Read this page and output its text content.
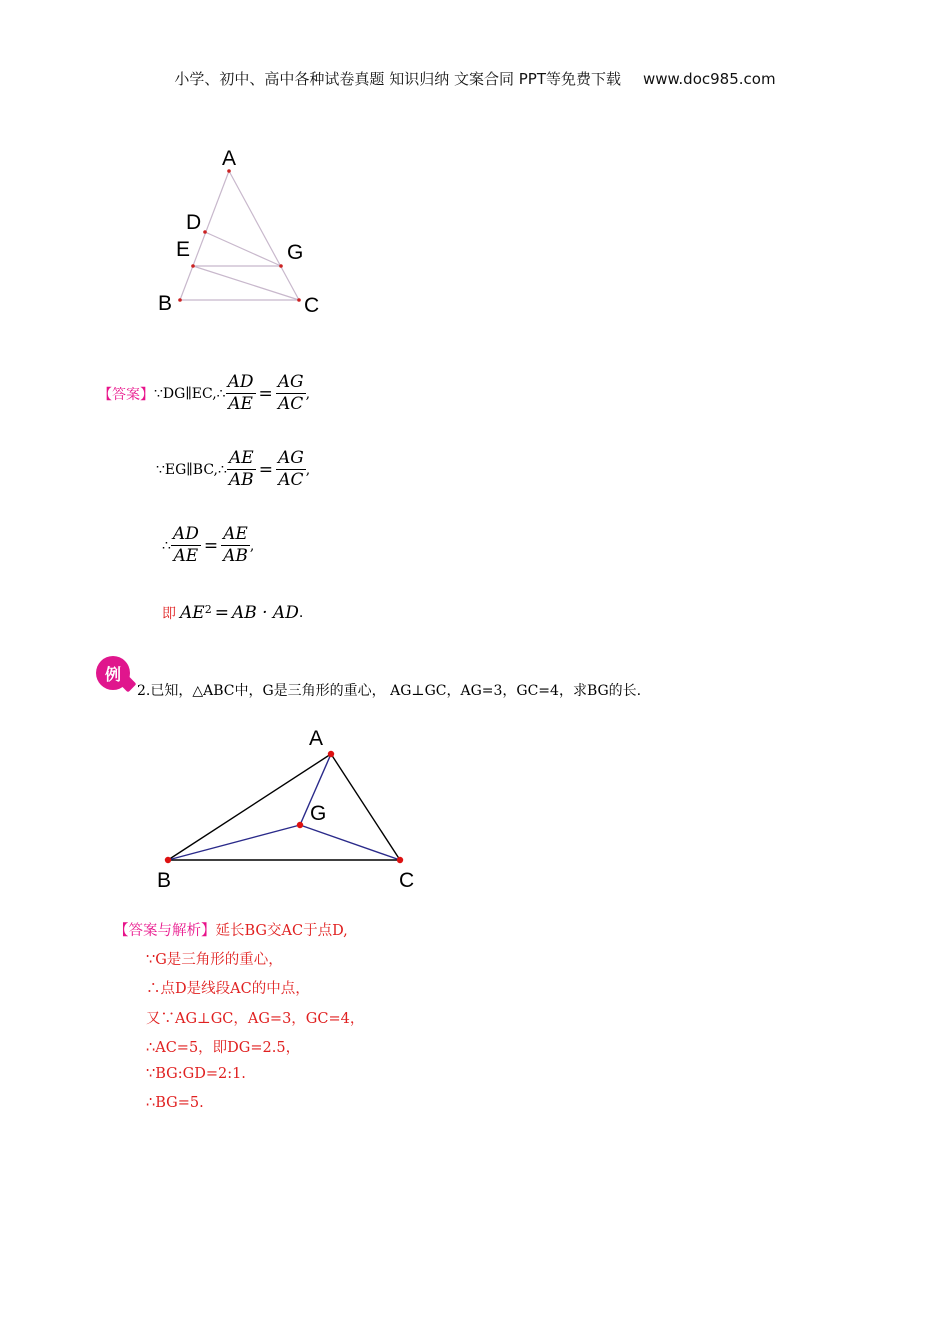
小学、初中、高中各种试卷真题 知识归纳 文案合同 PPT等免费下载 www.doc985.com
A
D
E	G
B	C
【答案】 ∵DG∥EC,∴ $\frac{AD}{AE} = \frac{AG}{AC}$ ,
∵EG∥BC,∴ $\frac{AE}{AB} = \frac{AG}{AC}$ ,
∴ $\frac{AD}{AE} = \frac{AE}{AB}$ ,
即 $AE^2$ = AB · AD .
例
2.已知，△ABC中，G是三角形的重心， AG⊥GC，AG=3，GC=4，求BG的长.
A
G
B	C
【答案与解析】延长BG交AC于点D,
∵G是三角形的重心，
∴点D是线段AC的中点，
又∵AG⊥GC，AG=3，GC=4，
∴AC=5，即DG=2.5，
∵BG:GD=2:1.
∴BG=5.
